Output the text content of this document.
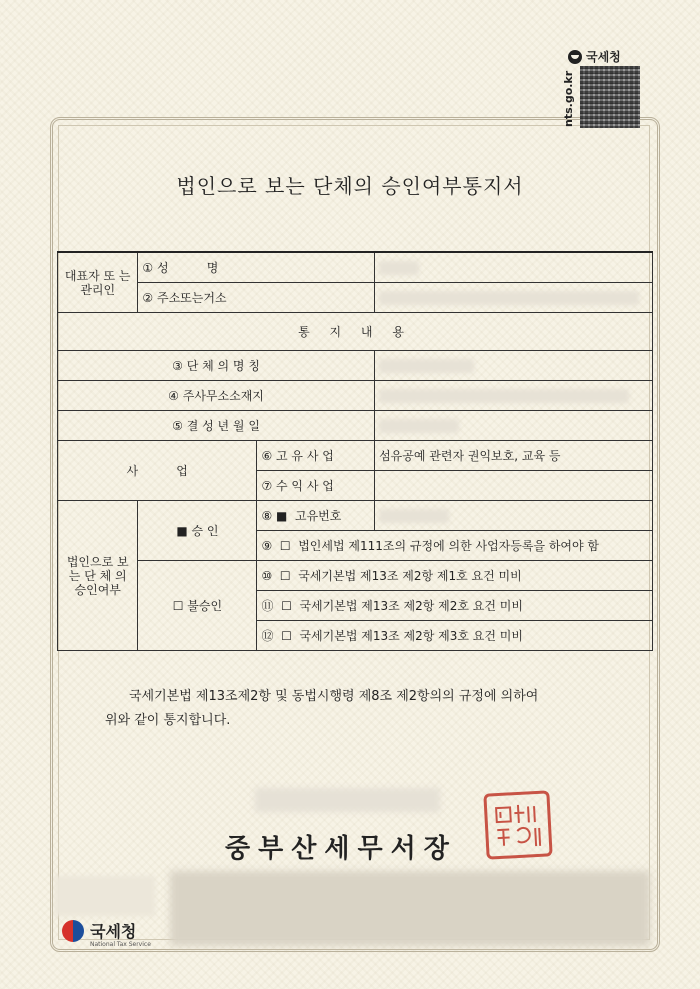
국세청
nts.go.kr
법인으로 보는 단체의 승인여부통지서
대표자 또 는 관리인	① 성          명		
	② 주소또는거소		
통 지 내 용			
③ 단 체 의 명 칭			
④ 주사무소소재지			
⑤ 결 성 년 월 일			
사          업		⑥ 고 유 사 업	섬유공예 관련자 권익보호, 교육 등
		⑦ 수 익 사 업	
법인으로 보 는 단 체 의 승인여부	■ 승 인	⑧ ■  고유번호	
		⑨  ☐  법인세법 제111조의 규정에 의한 사업자등록을 하여야 함	
	☐ 불승인	⑩  ☐  국세기본법 제13조 제2항 제1호 요건 미비	
		⑪  ☐  국세기본법 제13조 제2항 제2호 요건 미비	
		⑫  ☐  국세기본법 제13조 제2항 제3호 요건 미비	
국세기본법 제13조제2항 및 동법시행령 제8조 제2항의의 규정에 의하여
위와 같이 통지합니다.
중부산세무서장
국세청
National Tax Service
